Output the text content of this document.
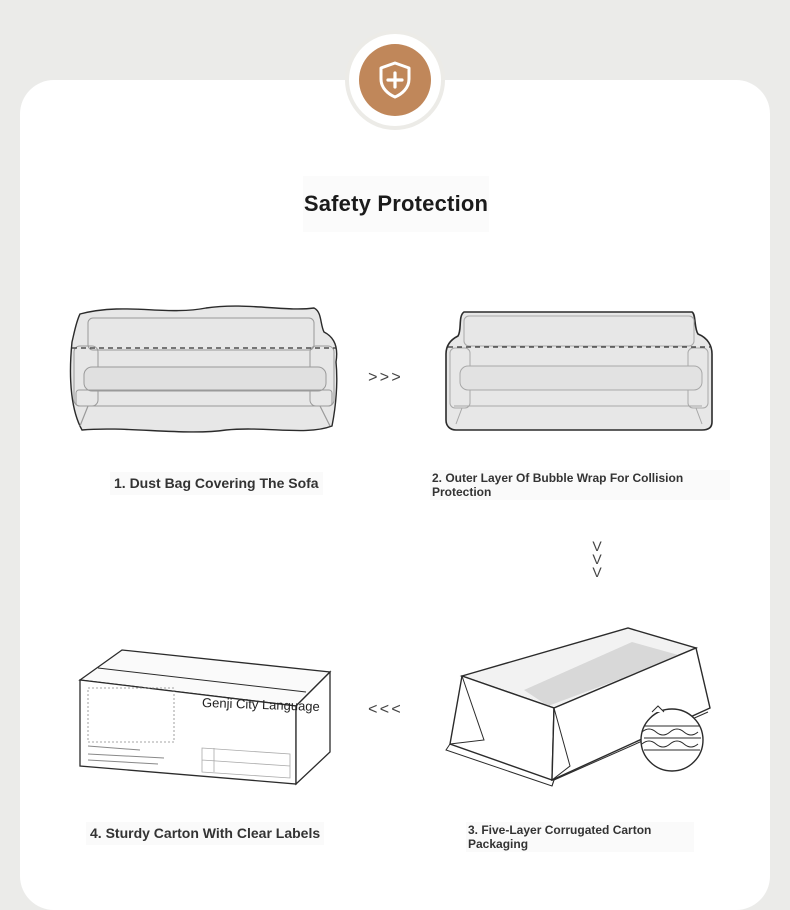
Safety Protection
>>>
1. Dust Bag Covering The Sofa	2. Outer Layer Of Bubble Wrap For Collision Protection
V
V
V
<<<
Genji City Language
3. Five-Layer Corrugated Carton Packaging
4. Sturdy Carton With Clear Labels
